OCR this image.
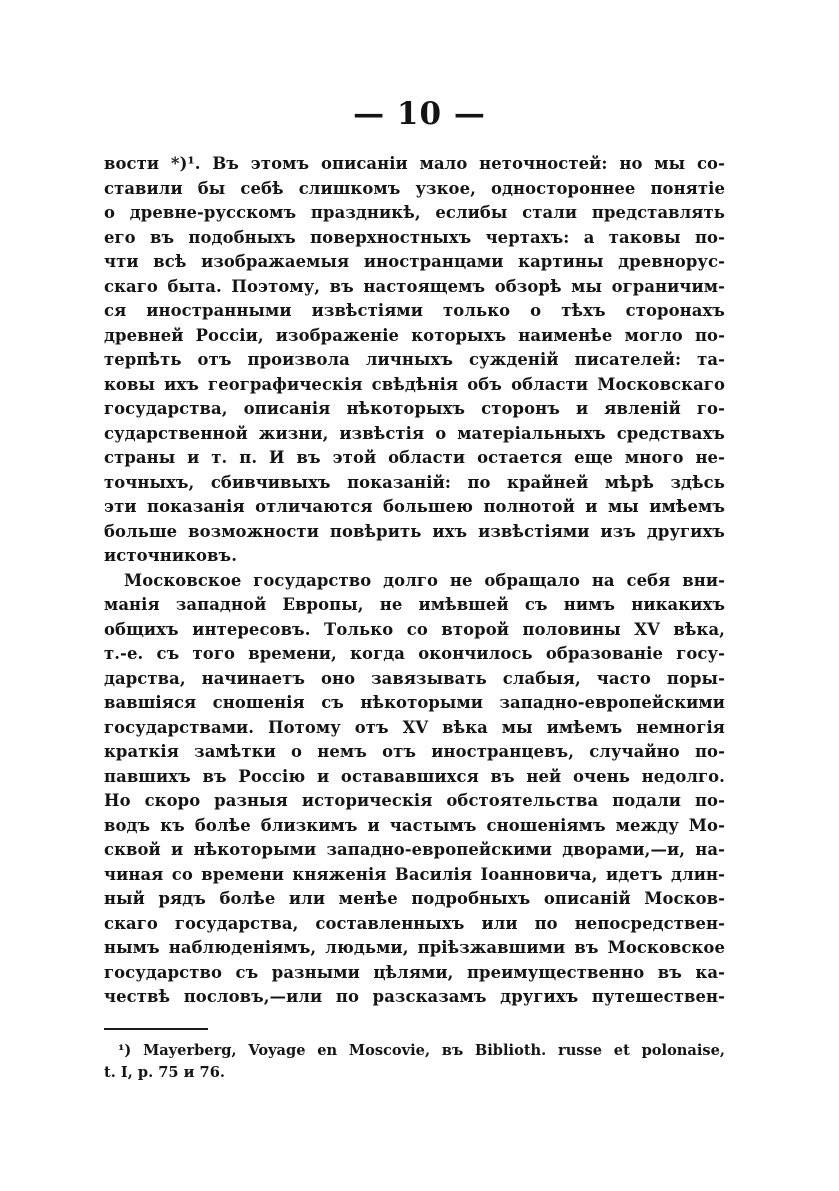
— 10 —
вости *)¹. Въ этомъ описаніи мало неточностей: но мы со-
ставили бы себѣ слишкомъ узкое, одностороннее понятіе
о древне-русскомъ праздникѣ, еслибы стали представлять
его въ подобныхъ поверхностныхъ чертахъ: а таковы по-
чти всѣ изображаемыя иностранцами картины древнорус-
скаго быта. Поэтому, въ настоящемъ обзорѣ мы ограничим-
ся иностранными извѣстіями только о тѣхъ сторонахъ
древней Россіи, изображеніе которыхъ наименѣе могло по-
терпѣть отъ произвола личныхъ сужденій писателей: та-
ковы ихъ географическія свѣдѣнія объ области Московскаго
государства, описанія нѣкоторыхъ сторонъ и явленій го-
сударственной жизни, извѣстія о матеріальныхъ средствахъ
страны и т. п. И въ этой области остается еще много не-
точныхъ, сбивчивыхъ показаній: по крайней мѣрѣ здѣсь
эти показанія отличаются большею полнотой и мы имѣемъ
больше возможности повѣрить ихъ извѣстіями изъ другихъ
источниковъ.
Московское государство долго не обращало на себя вни-
манія западной Европы, не имѣвшей съ нимъ никакихъ
общихъ интересовъ. Только со второй половины XV вѣка,
т.-е. съ того времени, когда окончилось образованіе госу-
дарства, начинаетъ оно завязывать слабыя, часто поры-
вавшіяся сношенія съ нѣкоторыми западно-европейскими
государствами. Потому отъ XV вѣка мы имѣемъ немногія
краткія замѣтки о немъ отъ иностранцевъ, случайно по-
павшихъ въ Россію и остававшихся въ ней очень недолго.
Но скоро разныя историческія обстоятельства подали по-
водъ къ болѣе близкимъ и частымъ сношеніямъ между Мо-
сквой и нѣкоторыми западно-европейскими дворами,—и, на-
чиная со времени княженія Василія Іоанновича, идетъ длин-
ный рядъ болѣе или менѣе подробныхъ описаній Москов-
скаго государства, составленныхъ или по непосредствен-
нымъ наблюденіямъ, людьми, пріѣзжавшими въ Московское
государство съ разными цѣлями, преимущественно въ ка-
чествѣ пословъ,—или по разсказамъ другихъ путешествен-
¹) Mayerberg, Voyage en Moscovie, въ Biblioth. russe et polonaise,
t. I, p. 75 и 76.
